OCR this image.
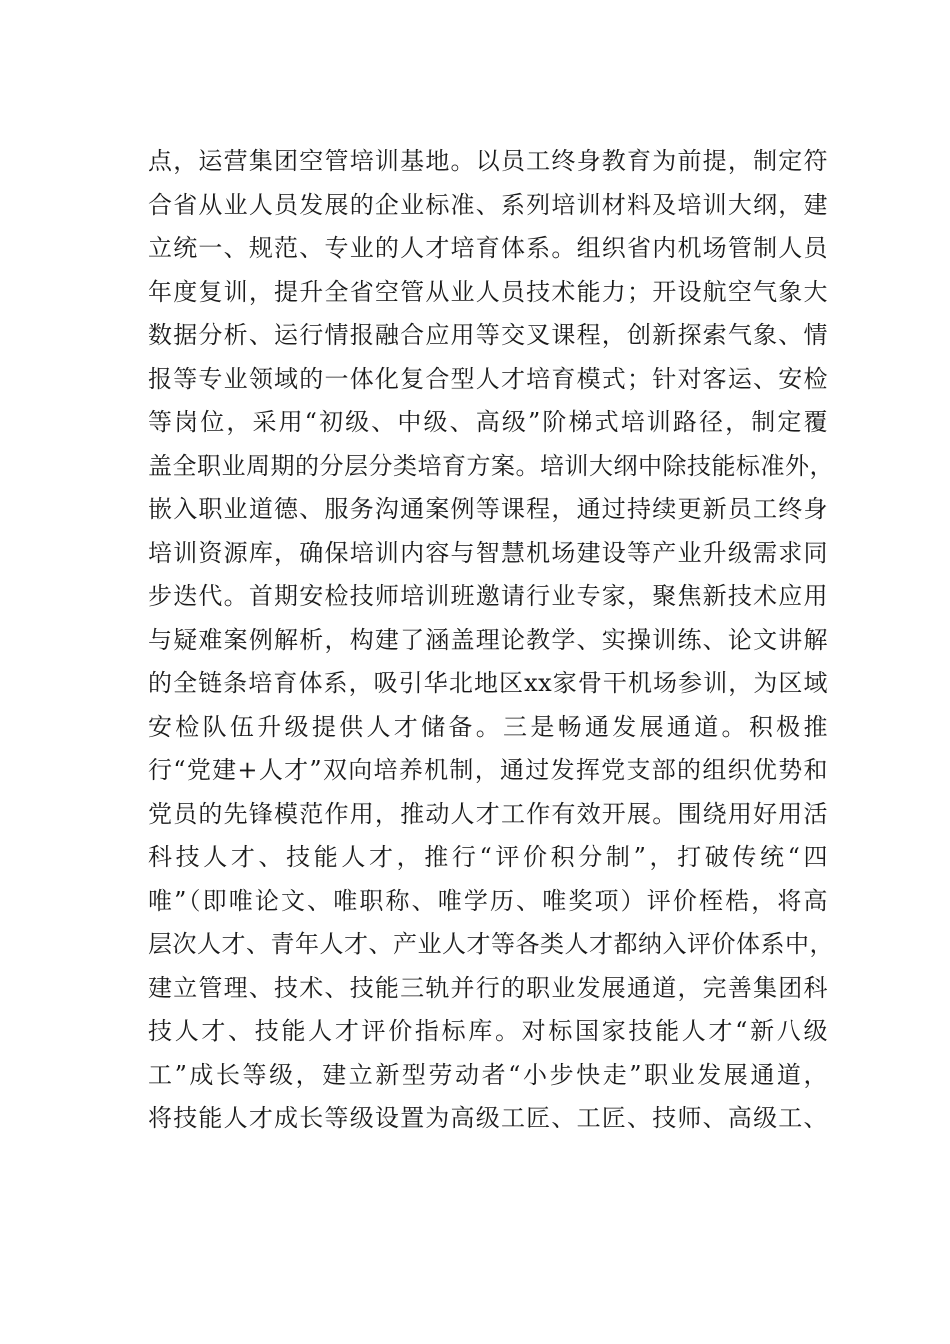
点，运营集团空管培训基地。以员工终身教育为前提，制定符
合省从业人员发展的企业标准、系列培训材料及培训大纲，建
立统一、规范、专业的人才培育体系。组织省内机场管制人员
年度复训，提升全省空管从业人员技术能力；开设航空气象大
数据分析、运行情报融合应用等交叉课程，创新探索气象、情
报等专业领域的一体化复合型人才培育模式；针对客运、安检
等岗位，采用“初级、中级、高级”阶梯式培训路径，制定覆
盖全职业周期的分层分类培育方案。培训大纲中除技能标准外，
嵌入职业道德、服务沟通案例等课程，通过持续更新员工终身
培训资源库，确保培训内容与智慧机场建设等产业升级需求同
步迭代。首期安检技师培训班邀请行业专家，聚焦新技术应用
与疑难案例解析，构建了涵盖理论教学、实操训练、论文讲解
的全链条培育体系，吸引华北地区xx家骨干机场参训，为区域
安检队伍升级提供人才储备。三是畅通发展通道。积极推
行“党建+人才”双向培养机制，通过发挥党支部的组织优势和
党员的先锋模范作用，推动人才工作有效开展。围绕用好用活
科技人才、技能人才，推行“评价积分制”，打破传统“四
唯”（即唯论文、唯职称、唯学历、唯奖项）评价桎梏，将高
层次人才、青年人才、产业人才等各类人才都纳入评价体系中，
建立管理、技术、技能三轨并行的职业发展通道，完善集团科
技人才、技能人才评价指标库。对标国家技能人才“新八级
工”成长等级，建立新型劳动者“小步快走”职业发展通道，
将技能人才成长等级设置为高级工匠、工匠、技师、高级工、
